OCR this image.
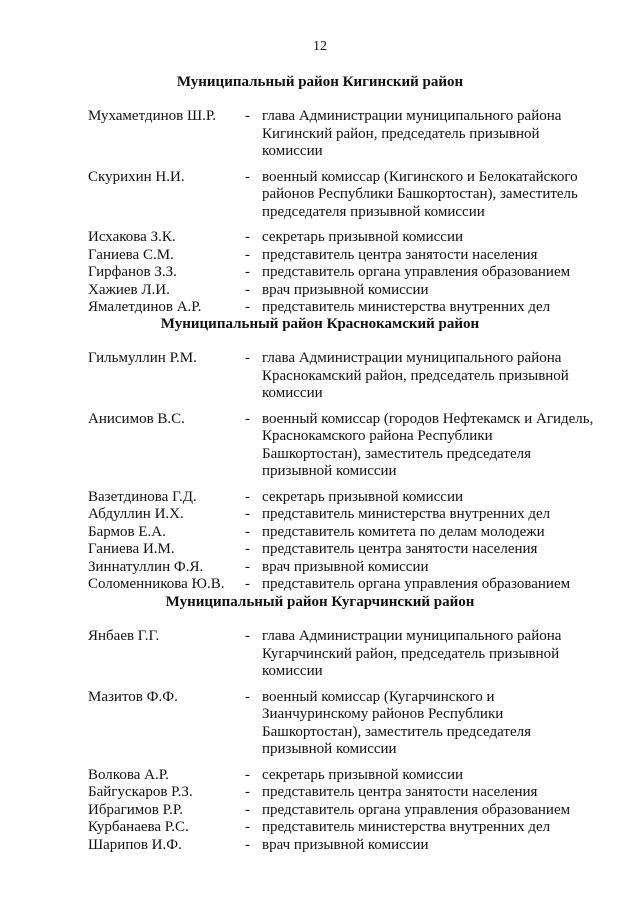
12
Муниципальный район Кигинский район
Мухаметдинов Ш.Р.	- глава Администрации муниципального района
Кигинский район, председатель призывной
комиссии
Скурихин Н.И.	- военный комиссар (Кигинского и Белокатайского
районов Республики Башкортостан), заместитель
председателя призывной комиссии
Исхакова З.К.	- секретарь призывной комиссии
Ганиева С.М.	- представитель центра занятости населения
Гирфанов З.З.	- представитель органа управления образованием
Хажиев Л.И.	- врач призывной комиссии
Ямалетдинов А.Р.	- представитель министерства внутренних дел
Муниципальный район Краснокамский район
Гильмуллин Р.М.	- глава Администрации муниципального района
Краснокамский район, председатель призывной
комиссии
Анисимов В.С.	- военный комиссар (городов Нефтекамск и Агидель,
Краснокамского района Республики
Башкортостан), заместитель председателя
призывной комиссии
Вазетдинова Г.Д.	- секретарь призывной комиссии
Абдуллин И.Х.	- представитель министерства внутренних дел
Бармов Е.А.	- представитель комитета по делам молодежи
Ганиева И.М.	- представитель центра занятости населения
Зиннатуллин Ф.Я.	- врач призывной комиссии
Соломенникова Ю.В.	- представитель органа управления образованием
Муниципальный район Кугарчинский район
Янбаев Г.Г.	- глава Администрации муниципального района
Кугарчинский район, председатель призывной
комиссии
Мазитов Ф.Ф.	- военный комиссар (Кугарчинского и
Зианчуринскому районов Республики
Башкортостан), заместитель председателя
призывной комиссии
Волкова А.Р.	- секретарь призывной комиссии
Байгускаров Р.З.	- представитель центра занятости населения
Ибрагимов Р.Р.	- представитель органа управления образованием
Курбанаева Р.С.	- представитель министерства внутренних дел
Шарипов И.Ф.	- врач призывной комиссии
